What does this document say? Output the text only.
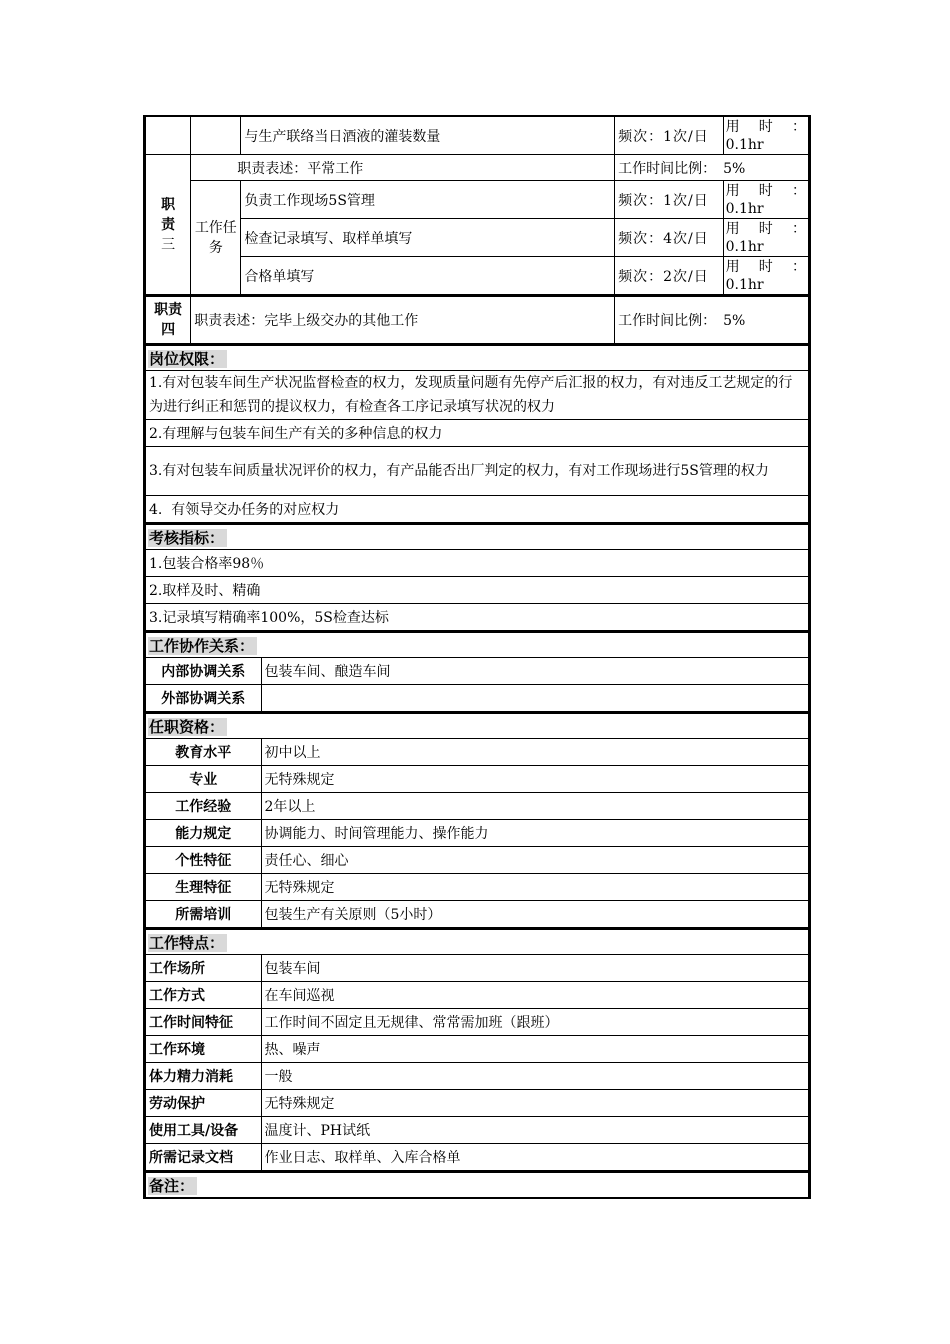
		与生产联络当日酒液的灌装数量	频次：1次/日	用 时 ：
0.1hr

职
责
三	职责表述：平常工作		工作时间比例：　5%	
	工作任务	负责工作现场5S管理	频次：1次/日	用 时 ：
0.1hr

		检查记录填写、取样单填写	频次：4次/日	用 时 ：
0.1hr

		合格单填写	频次：2次/日	用 时 ：
0.1hr
职责
四
	职责表述：完毕上级交办的其他工作	工作时间比例：　5%
岗位权限：
1.有对包装车间生产状况监督检查的权力，发现质量问题有先停产后汇报的权力，有对违反工艺规定的行为进行纠正和惩罚的提议权力，有检查各工序记录填写状况的权力
2.有理解与包装车间生产有关的多种信息的权力
3.有对包装车间质量状况评价的权力，有产品能否出厂判定的权力，有对工作现场进行5S管理的权力
4.  有领导交办任务的对应权力
考核指标：
1.包装合格率98％
2.取样及时、精确
3.记录填写精确率100%，5S检查达标
工作协作关系：	
内部协调关系	包装车间、酿造车间
外部协调关系	
任职资格：	
教育水平	初中以上
专业	无特殊规定
工作经验	2年以上
能力规定	协调能力、时间管理能力、操作能力
个性特征	责任心、细心
生理特征	无特殊规定
所需培训	包装生产有关原则（5小时）
工作特点：	
工作场所	包装车间
工作方式	在车间巡视
工作时间特征	工作时间不固定且无规律、常常需加班（跟班）
工作环境	热、噪声
体力精力消耗	一般
劳动保护	无特殊规定
使用工具/设备	温度计、PH试纸
所需记录文档	作业日志、取样单、入库合格单
备注：
